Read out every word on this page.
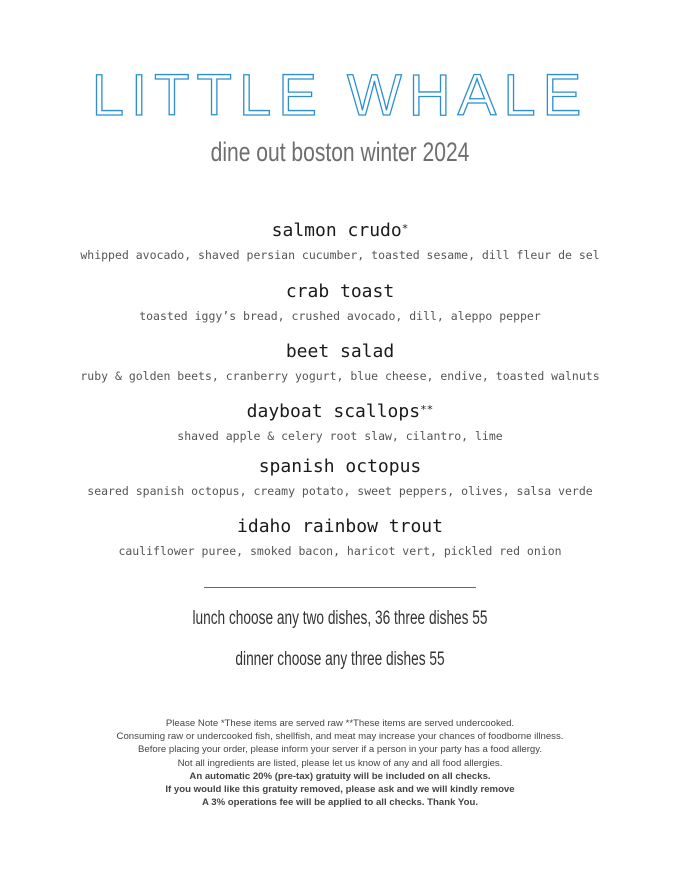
LITTLE WHALE
dine out boston winter 2024
salmon crudo*
whipped avocado, shaved persian cucumber, toasted sesame, dill fleur de sel
crab toast
toasted iggy’s bread, crushed avocado, dill, aleppo pepper
beet salad
ruby & golden beets, cranberry yogurt, blue cheese, endive, toasted walnuts
dayboat scallops**
shaved apple & celery root slaw, cilantro, lime
spanish octopus
seared spanish octopus, creamy potato, sweet peppers, olives, salsa verde
idaho rainbow trout
cauliflower puree, smoked bacon, haricot vert, pickled red onion
lunch choose any two dishes, 36 three dishes 55
dinner choose any three dishes 55
Please Note *These items are served raw **These items are served undercooked.
Consuming raw or undercooked fish, shellfish, and meat may increase your chances of foodborne illness.
Before placing your order, please inform your server if a person in your party has a food allergy.
Not all ingredients are listed, please let us know of any and all food allergies.
An automatic 20% (pre-tax) gratuity will be included on all checks.
If you would like this gratuity removed, please ask and we will kindly remove
A 3% operations fee will be applied to all checks. Thank You.
